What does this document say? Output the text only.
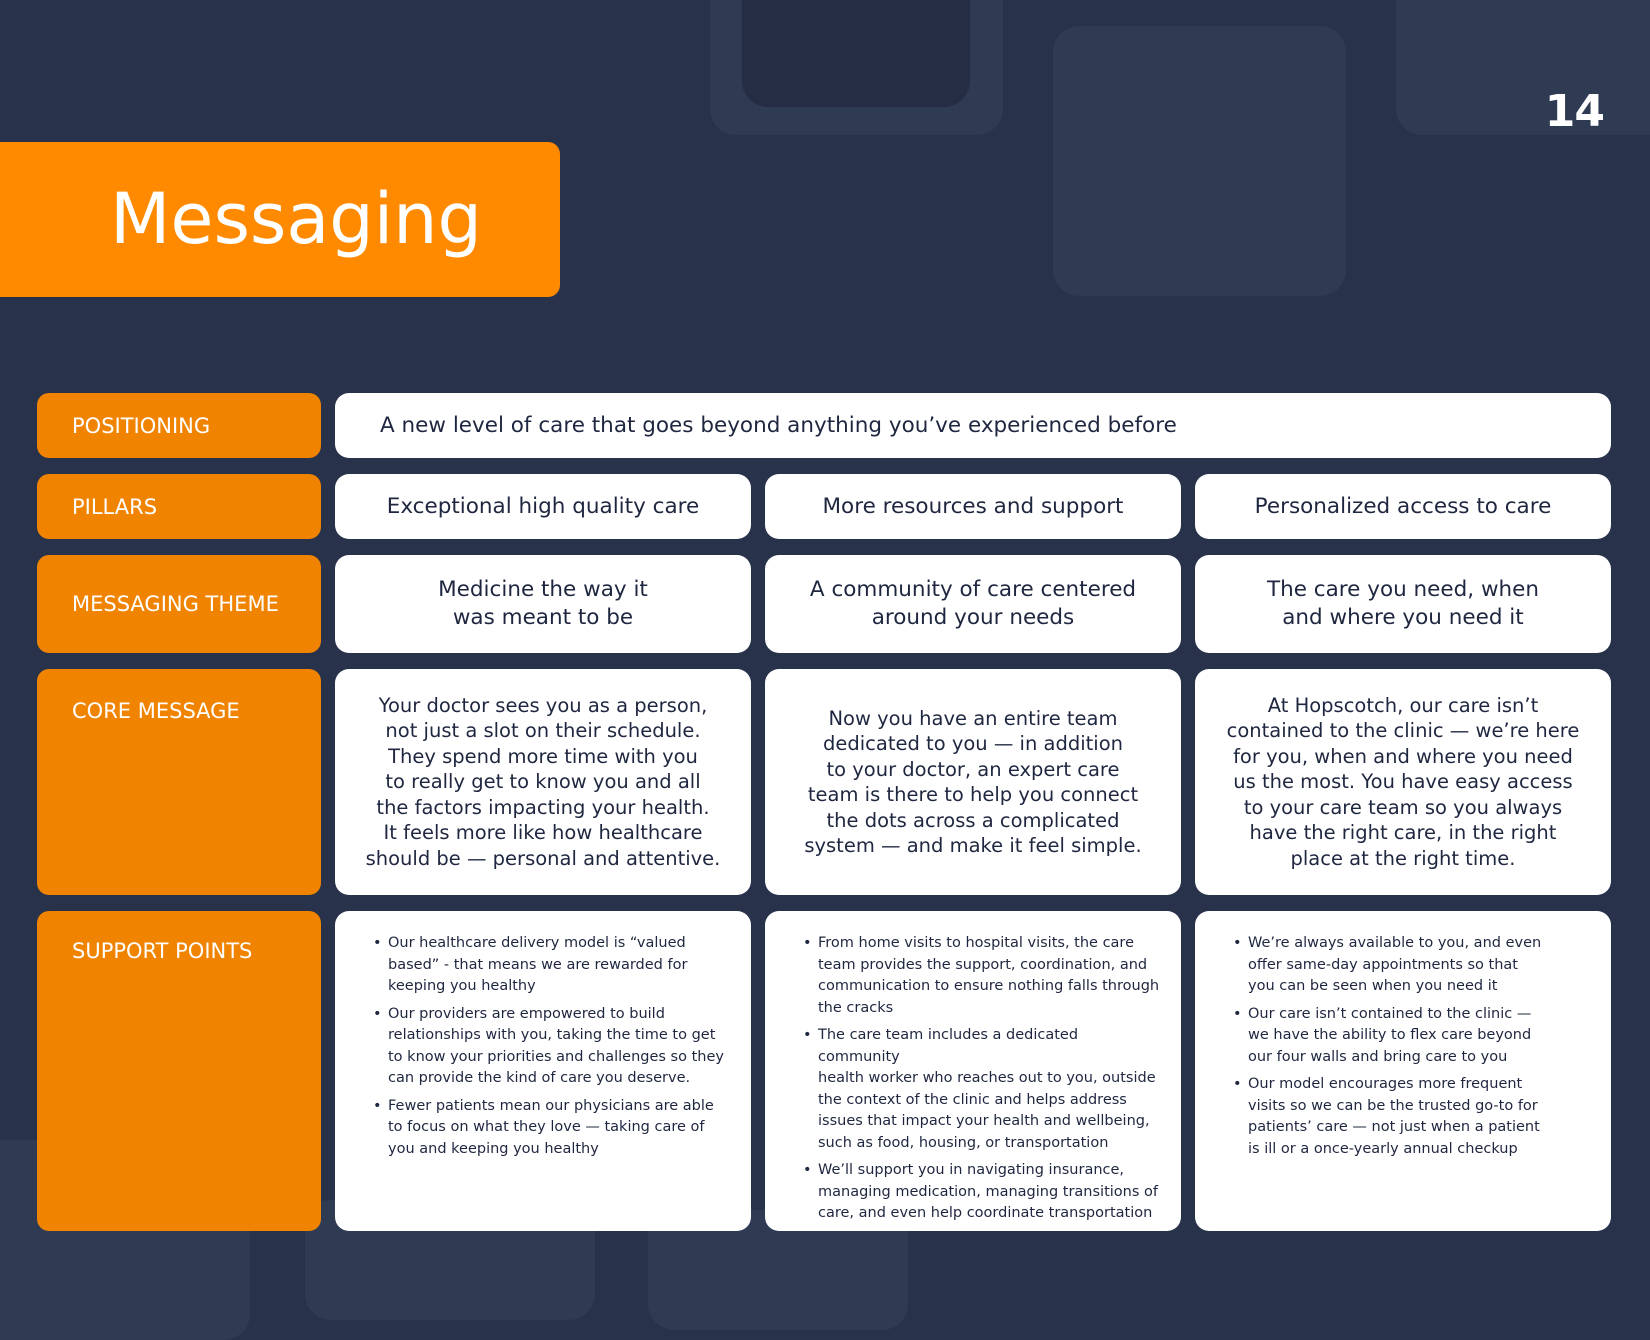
14
Messaging
POSITIONING	A new level of care that goes beyond anything you’ve experienced before
PILLARS	Exceptional high quality care	More resources and support	Personalized access to care
MESSAGING THEME
Medicine the way it
was meant to be
A community of care centered
around your needs
The care you need, when
and where you need it
CORE MESSAGE	Your doctor sees you as a person,
not just a slot on their schedule.
They spend more time with you
to really get to know you and all
the factors impacting your health.
It feels more like how healthcare
should be — personal and attentive.
Now you have an entire team
dedicated to you — in addition
to your doctor, an expert care
team is there to help you connect
the dots across a complicated
system — and make it feel simple.
At Hopscotch, our care isn’t
contained to the clinic — we’re here
for you, when and where you need
us the most. You have easy access
to your care team so you always
have the right care, in the right
place at the right time.
SUPPORT POINTS
•	Our healthcare delivery model is “valued
based” - that means we are rewarded for
keeping you healthy
• Our providers are empowered to build
relationships with you, taking the time to get
to know your priorities and challenges so they
can provide the kind of care you deserve.
• Fewer patients mean our physicians are able
to focus on what they love — taking care of
you and keeping you healthy
• From home visits to hospital visits, the care
team provides the support, coordination, and
communication to ensure nothing falls through
the cracks
• The care team includes a dedicated community
health worker who reaches out to you, outside
the context of the clinic and helps address
issues that impact your health and wellbeing,
such as food, housing, or transportation
• We’ll support you in navigating insurance,
managing medication, managing transitions of
care, and even help coordinate transportation
• We’re always available to you, and even
offer same-day appointments so that
you can be seen when you need it
• Our care isn’t contained to the clinic —
we have the ability to flex care beyond
our four walls and bring care to you
• Our model encourages more frequent
visits so we can be the trusted go-to for
patients’ care — not just when a patient
is ill or a once-yearly annual checkup
